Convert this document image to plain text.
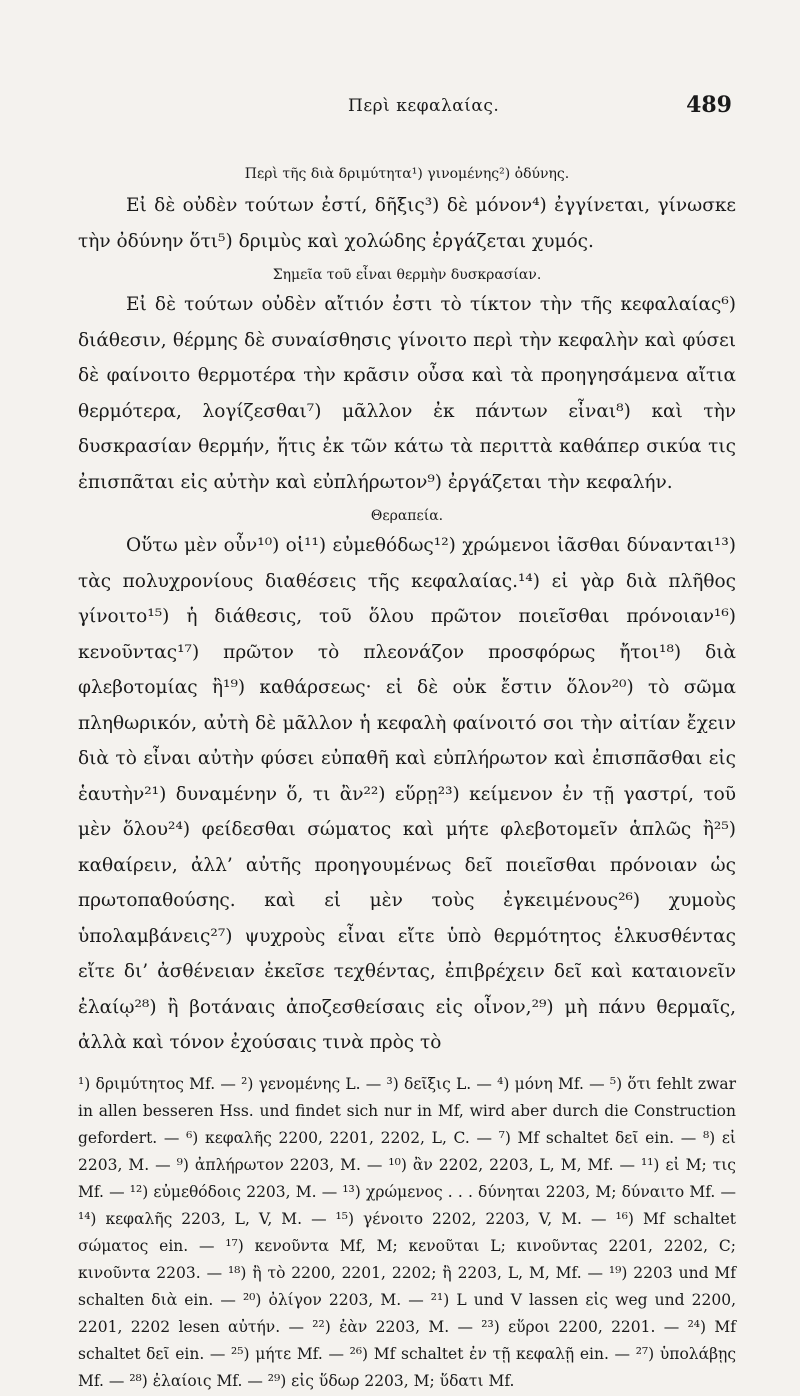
Περὶ κεφαλαίας.	489
Περὶ τῆς διὰ δριμύτητα¹) γινομένης²) ὀδύνης.

Εἰ δὲ οὐδὲν τούτων ἐστί, δῆξις³) δὲ μόνον⁴) ἐγγίνεται, γίνωσκε τὴν ὀδύνην ὅτι⁵) δριμὺς καὶ χολώδης ἐργάζεται χυμός.

Σημεῖα τοῦ εἶναι θερμὴν δυσκρασίαν.

Εἰ δὲ τούτων οὐδὲν αἴτιόν ἐστι τὸ τίκτον τὴν τῆς κεφαλαίας⁶) διάθεσιν, θέρμης δὲ συναίσθησις γίνοιτο περὶ τὴν κεφαλὴν καὶ φύσει δὲ φαίνοιτο θερμοτέρα τὴν κρᾶσιν οὖσα καὶ τὰ προηγησάμενα αἴτια θερμότερα, λογίζεσθαι⁷) μᾶλλον ἐκ πάντων εἶναι⁸) καὶ τὴν δυσκρασίαν θερμήν, ἥτις ἐκ τῶν κάτω τὰ περιττὰ καθάπερ σικύα τις ἐπισπᾶται εἰς αὐτὴν καὶ εὐπλήρωτον⁹) ἐργάζεται τὴν κεφαλήν.

Θεραπεία.

Οὕτω μὲν οὖν¹⁰) οἱ¹¹) εὐμεθόδως¹²) χρώμενοι ἰᾶσθαι δύνανται¹³) τὰς πολυχρονίους διαθέσεις τῆς κεφαλαίας.¹⁴) εἰ γὰρ διὰ πλῆθος γίνοιτο¹⁵) ἡ διάθεσις, τοῦ ὅλου πρῶτον ποιεῖσθαι πρόνοιαν¹⁶) κενοῦντας¹⁷) πρῶτον τὸ πλεονάζον προσφόρως ἤτοι¹⁸) διὰ φλεβοτομίας ἢ¹⁹) καθάρσεως· εἰ δὲ οὐκ ἔστιν ὅλον²⁰) τὸ σῶμα πληθωρικόν, αὐτὴ δὲ μᾶλλον ἡ κεφαλὴ φαίνοιτό σοι τὴν αἰτίαν ἔχειν διὰ τὸ εἶναι αὐτὴν φύσει εὐπαθῆ καὶ εὐπλήρωτον καὶ ἐπισπᾶσθαι εἰς ἑαυτὴν²¹) δυναμένην ὅ, τι ἂν²²) εὕρῃ²³) κείμενον ἐν τῇ γαστρί, τοῦ μὲν ὅλου²⁴) φείδεσθαι σώματος καὶ μήτε φλεβοτομεῖν ἁπλῶς ἢ²⁵) καθαίρειν, ἀλλ’ αὐτῆς προηγουμένως δεῖ ποιεῖσθαι πρόνοιαν ὡς πρωτοπαθούσης. καὶ εἰ μὲν τοὺς ἐγκειμένους²⁶) χυμοὺς ὑπολαμβάνεις²⁷) ψυχροὺς εἶναι εἴτε ὑπὸ θερμότητος ἑλκυσθέντας εἴτε δι’ ἀσθένειαν ἐκεῖσε τεχθέντας, ἐπιβρέχειν δεῖ καὶ καταιονεῖν ἐλαίῳ²⁸) ἢ βοτάναις ἀποζεσθείσαις εἰς οἶνον,²⁹) μὴ πάνυ θερμαῖς, ἀλλὰ καὶ τόνον ἐχούσαις τινὰ πρὸς τὸ

¹) δριμύτητος Mf. — ²) γενομένης L. — ³) δεῖξις L. — ⁴) μόνη Mf. — ⁵) ὅτι fehlt zwar in allen besseren Hss. und findet sich nur in Mf, wird aber durch die Construction gefordert. — ⁶) κεφαλῆς 2200, 2201, 2202, L, C. — ⁷) Mf schaltet δεῖ ein. — ⁸) εἰ 2203, M. — ⁹) ἀπλήρωτον 2203, M. — ¹⁰) ἂν 2202, 2203, L, M, Mf. — ¹¹) εἰ M; τις Mf. — ¹²) εὐμεθόδοις 2203, M. — ¹³) χρώμενος . . . δύνηται 2203, M; δύναιτο Mf. — ¹⁴) κεφαλῆς 2203, L, V, M. — ¹⁵) γένοιτο 2202, 2203, V, M. — ¹⁶) Mf schaltet σώματος ein. — ¹⁷) κενοῦντα Mf, M; κενοῦται L; κινοῦντας 2201, 2202, C; κινοῦντα 2203. — ¹⁸) ἢ τὸ 2200, 2201, 2202; ἢ 2203, L, M, Mf. — ¹⁹) 2203 und Mf schalten διὰ ein. — ²⁰) ὀλίγον 2203, M. — ²¹) L und V lassen εἰς weg und 2200, 2201, 2202 lesen αὐτήν. — ²²) ἐὰν 2203, M. — ²³) εὕροι 2200, 2201. — ²⁴) Mf schaltet δεῖ ein. — ²⁵) μήτε Mf. — ²⁶) Mf schaltet ἐν τῇ κεφαλῇ ein. — ²⁷) ὑπολάβῃς Mf. — ²⁸) ἐλαίοις Mf. — ²⁹) εἰς ὕδωρ 2203, M; ὕδατι Mf.
